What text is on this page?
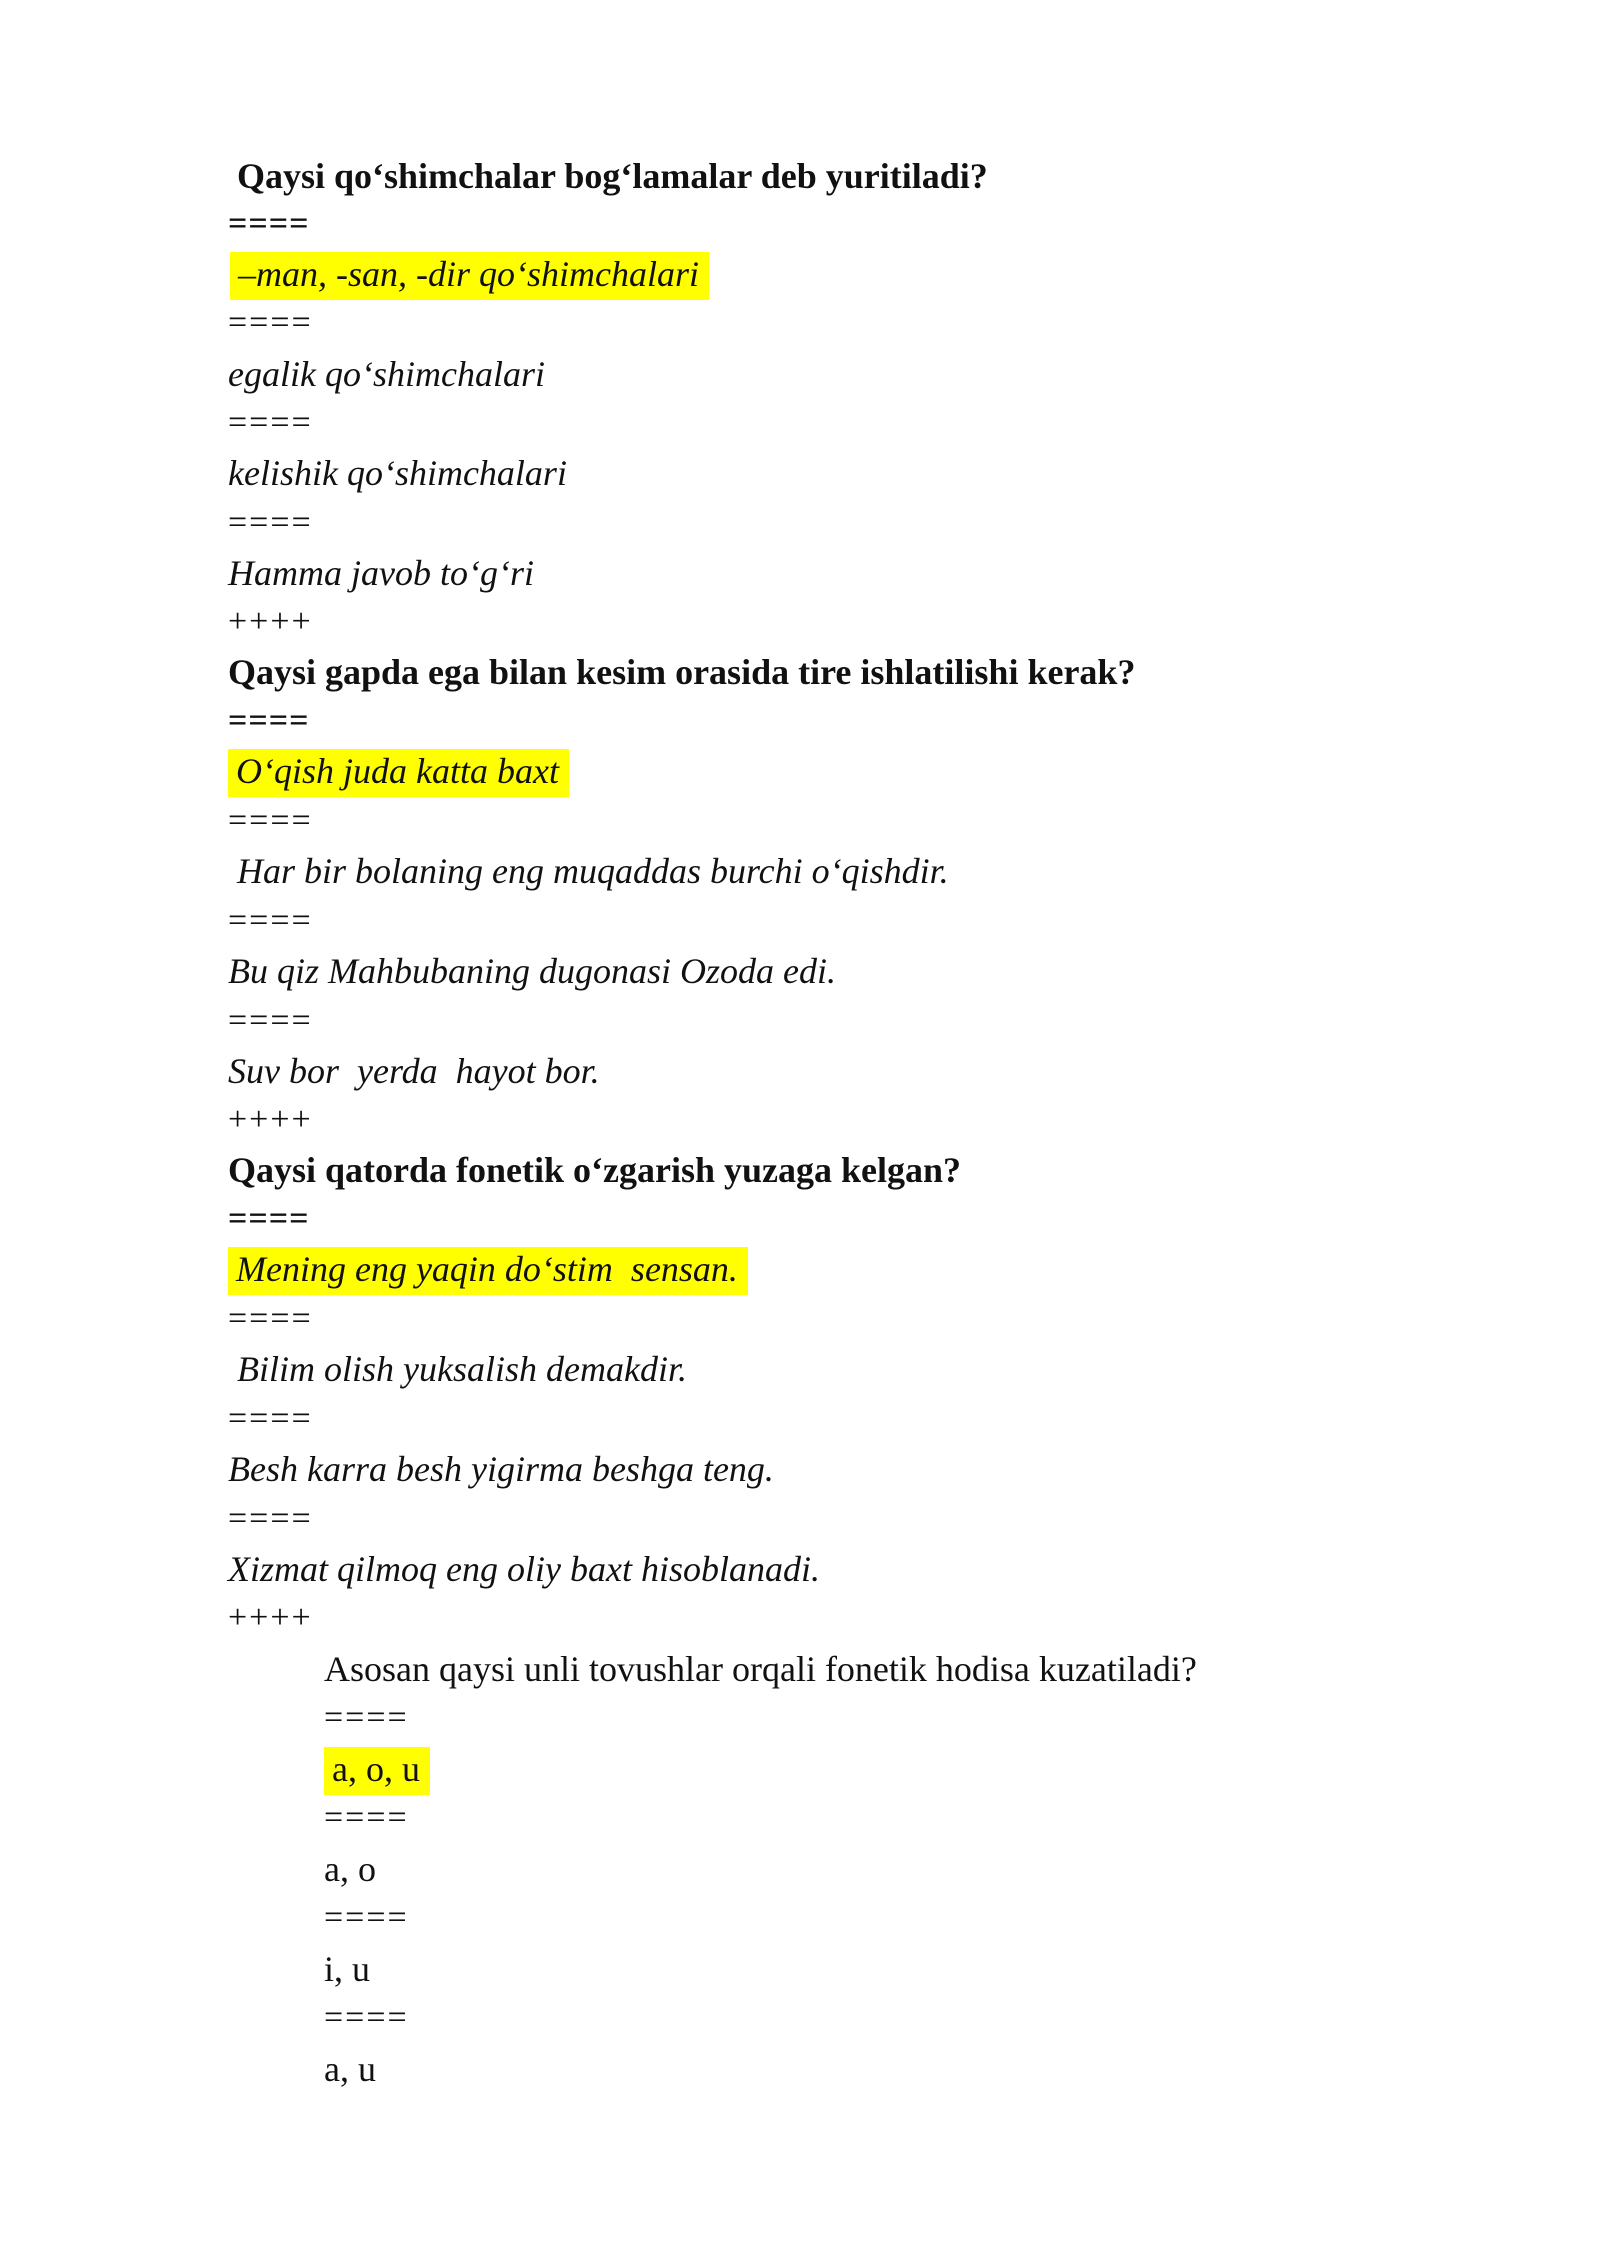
Qaysi qo‘shimchalar bog‘lamalar deb yuritiladi?
====
–man, -san, -dir qo‘shimchalari
====
egalik qo‘shimchalari
====
kelishik qo‘shimchalari
====
Hamma javob to‘g‘ri
++++
Qaysi gapda ega bilan kesim orasida tire ishlatilishi kerak?
====
O‘qish juda katta baxt
====
Har bir bolaning eng muqaddas burchi o‘qishdir.
====
Bu qiz Mahbubaning dugonasi Ozoda edi.
====
Suv bor  yerda  hayot bor.
++++
Qaysi qatorda fonetik o‘zgarish yuzaga kelgan?
====
Mening eng yaqin do‘stim  sensan.
====
Bilim olish yuksalish demakdir.
====
Besh karra besh yigirma beshga teng.
====
Xizmat qilmoq eng oliy baxt hisoblanadi.
++++
Asosan qaysi unli tovushlar orqali fonetik hodisa kuzatiladi?
====
a, o, u
====
a, o
====
i, u
====
a, u
